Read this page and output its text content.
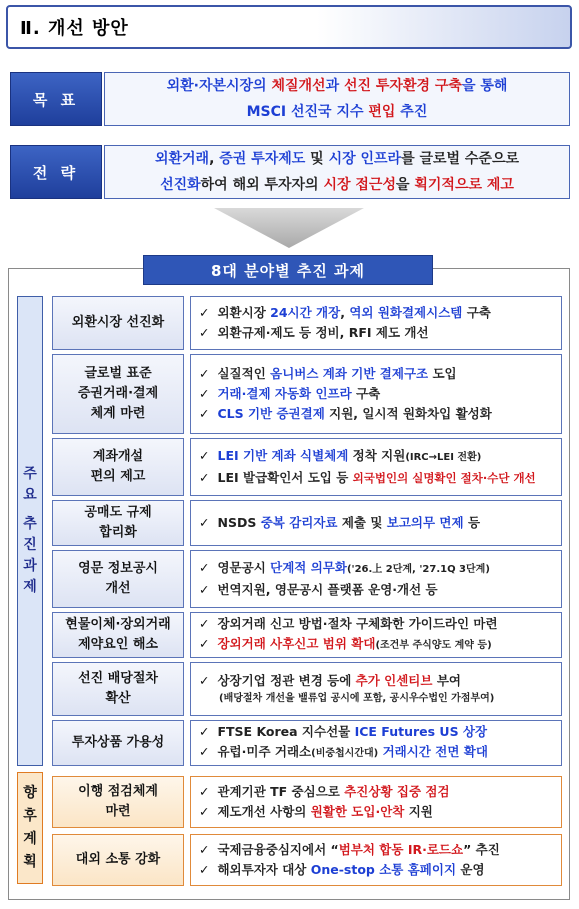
Ⅱ. 개선 방안
목 표
외환·자본시장의 체질개선과 선진 투자환경 구축을 통해
MSCI 선진국 지수 편입 추진
전 략
외환거래, 증권 투자제도 및 시장 인프라를 글로벌 수준으로
선진화하여 해외 투자자의 시장 접근성을 획기적으로 제고
8대 분야별 추진 과제
주
요

추
진
과
제
향
후
계
획
외환시장 선진화
✓ 외환시장 24시간 개장, 역외 원화결제시스템 구축
✓ 외환규제·제도 등 정비, RFI 제도 개선
글로벌 표준
증권거래·결제
체계 마련
✓ 실질적인 옴니버스 계좌 기반 결제구조 도입
✓ 거래·결제 자동화 인프라 구축
✓ CLS 기반 증권결제 지원, 일시적 원화차입 활성화
계좌개설
편의 제고
✓ LEI 기반 계좌 식별체계 정착 지원(IRC→LEI 전환)
✓ LEI 발급확인서 도입 등 외국법인의 실명확인 절차·수단 개선
공매도 규제
합리화
✓ NSDS 중복 감리자료 제출 및 보고의무 면제 등
영문 정보공시
개선
✓ 영문공시 단계적 의무화('26.上 2단계, '27.1Q 3단계)
✓ 번역지원, 영문공시 플랫폼 운영·개선 등
현물이체·장외거래
제약요인 해소
✓ 장외거래 신고 방법·절차 구체화한 가이드라인 마련
✓ 장외거래 사후신고 범위 확대(조건부 주식양도 계약 등)
선진 배당절차
확산
✓ 상장기업 정관 변경 등에 추가 인센티브 부여
(배당절차 개선을 밸류업 공시에 포함, 공시우수법인 가점부여)
투자상품 가용성
✓ FTSE Korea 지수선물 ICE Futures US 상장
✓ 유럽·미주 거래소(비중첩시간대) 거래시간 전면 확대
이행 점검체계
마련
✓ 관계기관 TF 중심으로 추진상황 집중 점검
✓ 제도개선 사항의 원활한 도입·안착 지원
대외 소통 강화
✓ 국제금융중심지에서 “범부처 합동 IR·로드쇼” 추진
✓ 해외투자자 대상 One-stop 소통 홈페이지 운영
